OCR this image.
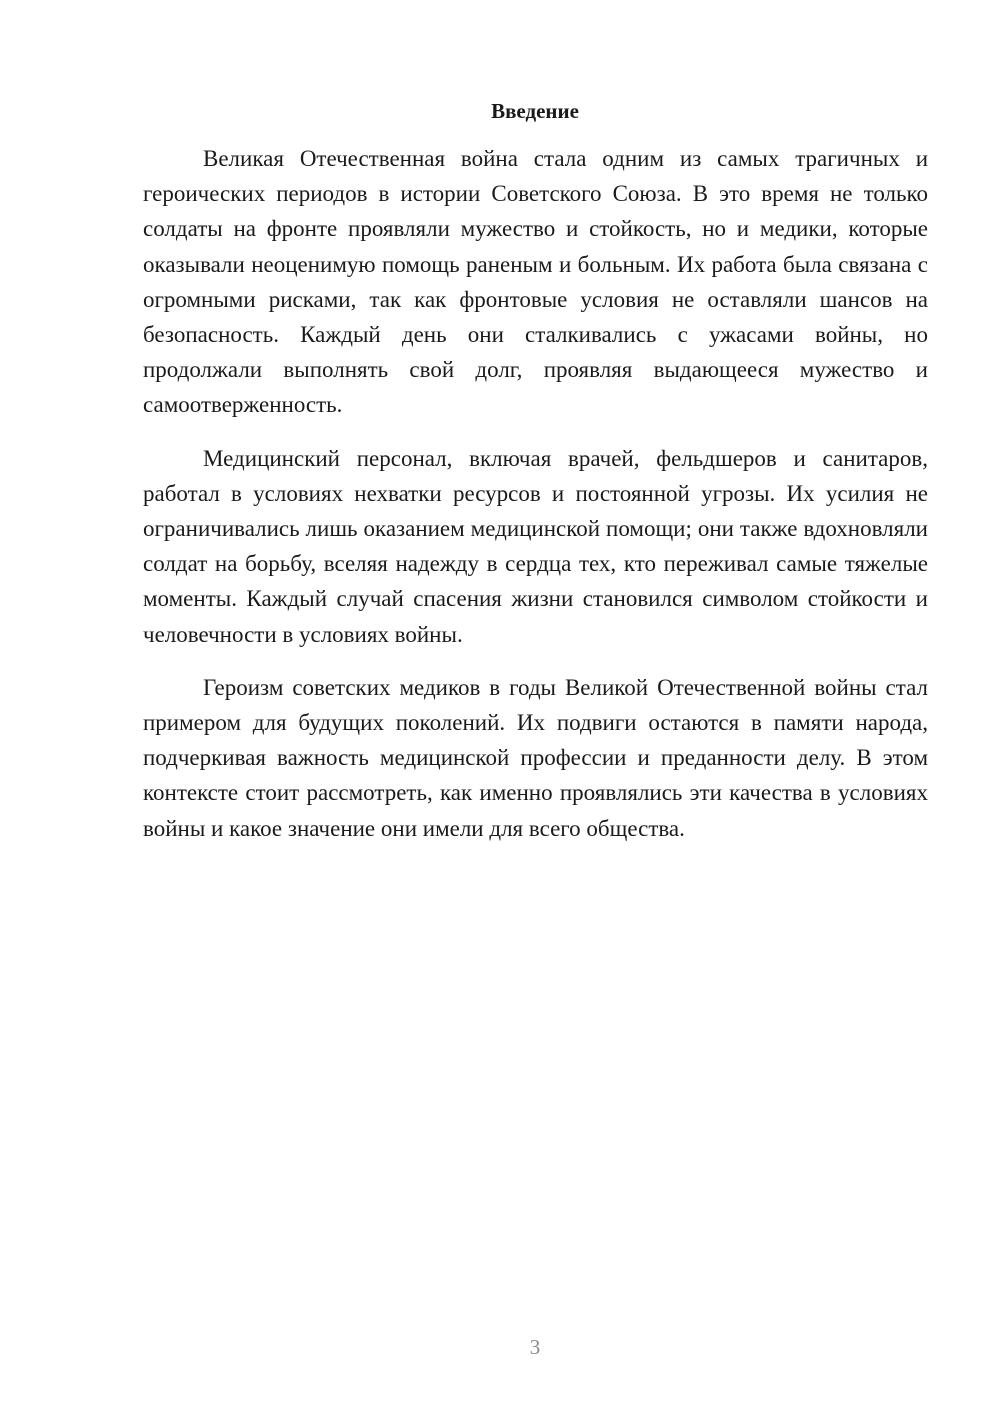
Введение

Великая Отечественная война стала одним из самых трагичных и героических периодов в истории Советского Союза. В это время не только солдаты на фронте проявляли мужество и стойкость, но и медики, которые оказывали неоценимую помощь раненым и больным. Их работа была связана с огромными рисками, так как фронтовые условия не оставляли шансов на безопасность. Каждый день они сталкивались с ужасами войны, но продолжали выполнять свой долг, проявляя выдающееся мужество и самоотверженность.

Медицинский персонал, включая врачей, фельдшеров и санитаров, работал в условиях нехватки ресурсов и постоянной угрозы. Их усилия не ограничивались лишь оказанием медицинской помощи; они также вдохновляли солдат на борьбу, вселяя надежду в сердца тех, кто переживал самые тяжелые моменты. Каждый случай спасения жизни становился символом стойкости и человечности в условиях войны.

Героизм советских медиков в годы Великой Отечественной войны стал примером для будущих поколений. Их подвиги остаются в памяти народа, подчеркивая важность медицинской профессии и преданности делу. В этом контексте стоит рассмотреть, как именно проявлялись эти качества в условиях войны и какое значение они имели для всего общества.

3
